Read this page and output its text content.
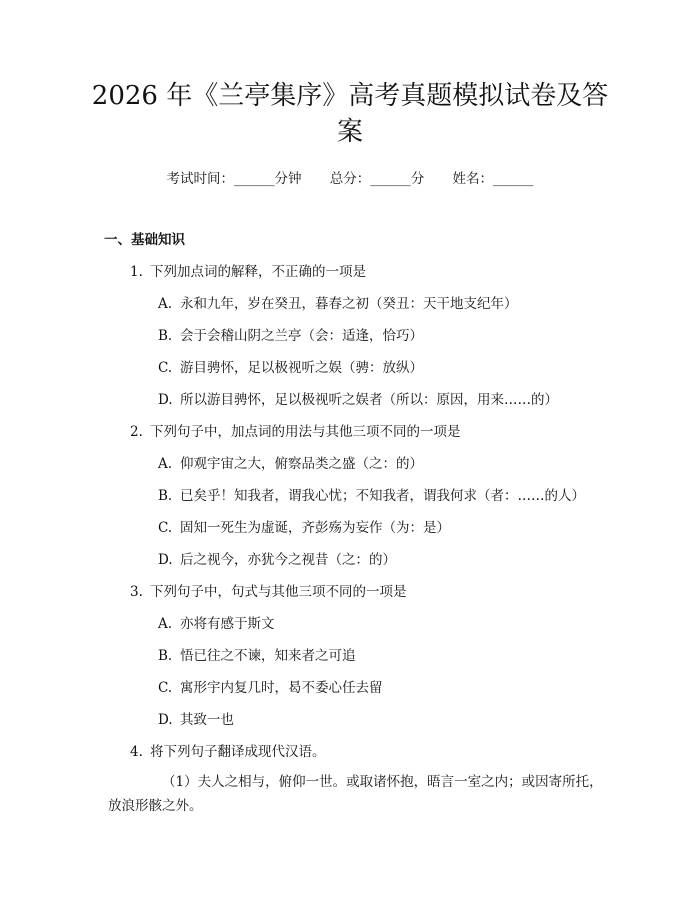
2026 年《兰亭集序》高考真题模拟试卷及答案
考试时间：______分钟 总分：______分 姓名：______
一、基础知识
1. 下列加点词的解释，不正确的一项是
A. 永和九年，岁在癸丑，暮春之初（癸丑：天干地支纪年）
B. 会于会稽山阴之兰亭（会：适逢，恰巧）
C. 游目骋怀，足以极视听之娱（骋：放纵）
D. 所以游目骋怀，足以极视听之娱者（所以：原因，用来……的）
2. 下列句子中，加点词的用法与其他三项不同的一项是
A. 仰观宇宙之大，俯察品类之盛（之：的）
B. 已矣乎！知我者，谓我心忧；不知我者，谓我何求（者：……的人）
C. 固知一死生为虚诞，齐彭殇为妄作（为：是）
D. 后之视今，亦犹今之视昔（之：的）
3. 下列句子中，句式与其他三项不同的一项是
A. 亦将有感于斯文
B. 悟已往之不谏，知来者之可追
C. 寓形宇内复几时，曷不委心任去留
D. 其致一也
4. 将下列句子翻译成现代汉语。
（1）夫人之相与，俯仰一世。或取诸怀抱，晤言一室之内；或因寄所托，放浪形骸之外。
